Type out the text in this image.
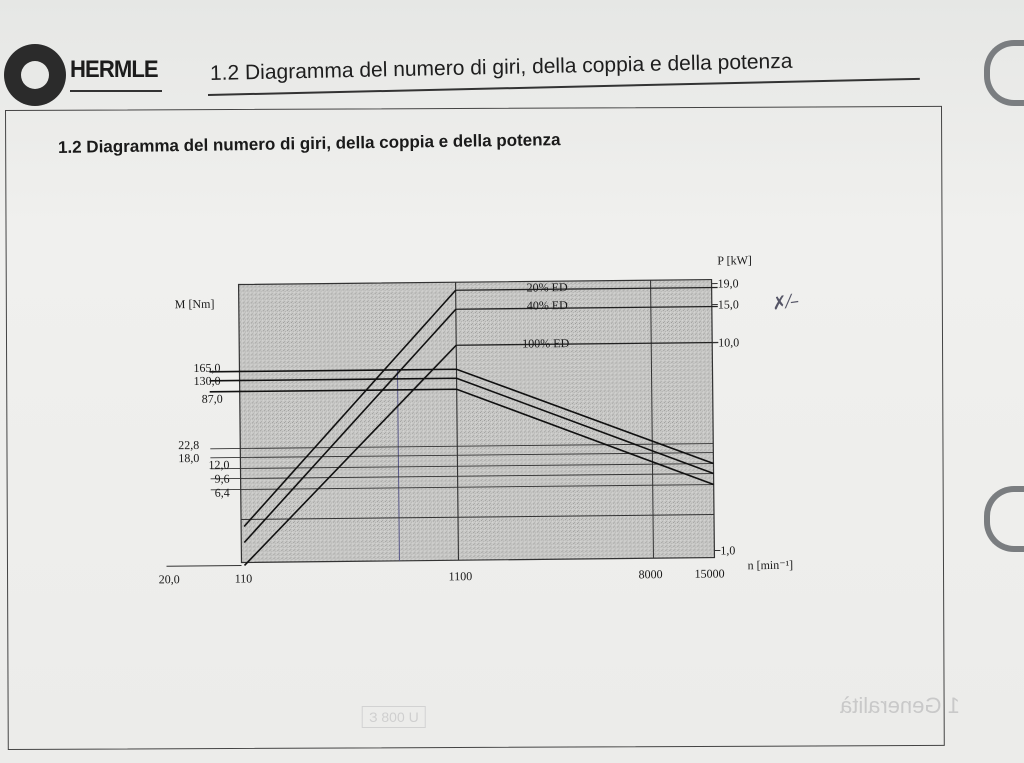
HERMLE 1.2 Diagramma del numero di giri, della coppia e della potenza
1.2 Diagramma del numero di giri, della coppia e della potenza
✗⁄–
20% ED
40% ED
100% ED
M [Nm]
P [kW]
n [min⁻¹]
165,0
130,0
87,0
22,8
18,0 12,0
9,6
6,4
19,0
15,0
10,0
1,0
20,0	110	1100	8000	15000
1 Generalità
U 008 Ɛ
